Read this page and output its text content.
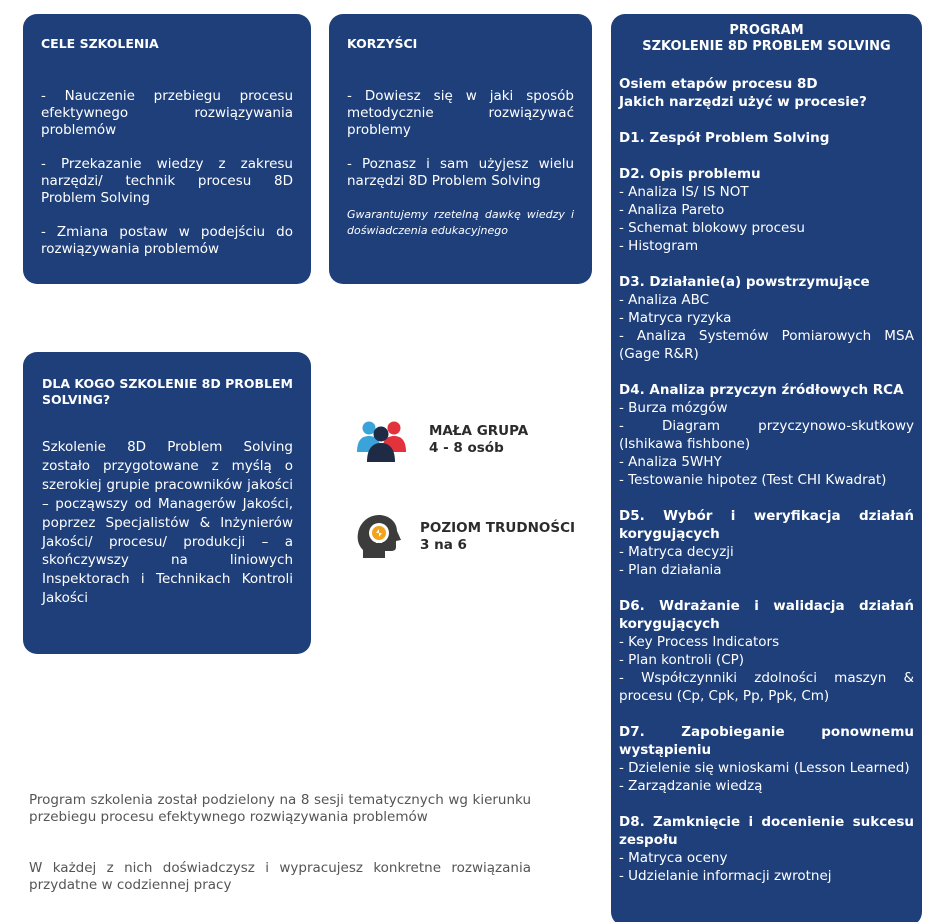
CELE SZKOLENIA

- Nauczenie przebiegu procesu efektywnego rozwiązywania problemów

- Przekazanie wiedzy z zakresu narzędzi/ technik procesu 8D Problem Solving

- Zmiana postaw w podejściu do rozwiązywania problemów

KORZYŚCI

- Dowiesz się w jaki sposób metodycznie rozwiązywać problemy

- Poznasz i sam użyjesz wielu narzędzi 8D Problem Solving

Gwarantujemy rzetelną dawkę wiedzy i doświadczenia edukacyjnego

DLA KOGO SZKOLENIE 8D PROBLEM SOLVING?

Szkolenie 8D Problem Solving zostało przygotowane z myślą o szerokiej grupie pracowników jakości – począwszy od Managerów Jakości, poprzez Specjalistów & Inżynierów Jakości/ procesu/ produkcji – a skończywszy na liniowych Inspektorach i Technikach Kontroli Jakości

MAŁA GRUPA
4 - 8 osób
POZIOM TRUDNOŚCI
3 na 6

Program szkolenia został podzielony na 8 sesji tematycznych wg kierunku przebiegu procesu efektywnego rozwiązywania problemów

W każdej z nich doświadczysz i wypracujesz konkretne rozwiązania przydatne w codziennej pracy

PROGRAM
SZKOLENIE 8D PROBLEM SOLVING
Osiem etapów procesu 8D
Jakich narzędzi użyć w procesie?
D1. Zespół Problem Solving
D2. Opis problemu
- Analiza IS/ IS NOT
- Analiza Pareto
- Schemat blokowy procesu
- Histogram
D3. Działanie(a) powstrzymujące
- Analiza ABC
- Matryca ryzyka
- Analiza Systemów Pomiarowych MSA (Gage R&R)
D4. Analiza przyczyn źródłowych RCA
- Burza mózgów
- Diagram przyczynowo-skutkowy (Ishikawa fishbone)
- Analiza 5WHY
- Testowanie hipotez (Test CHI Kwadrat)
D5. Wybór i weryfikacja działań korygujących
- Matryca decyzji
- Plan działania
D6. Wdrażanie i walidacja działań korygujących
- Key Process Indicators
- Plan kontroli (CP)
- Współczynniki zdolności maszyn & procesu (Cp, Cpk, Pp, Ppk, Cm)
D7. Zapobieganie ponownemu wystąpieniu
- Dzielenie się wnioskami (Lesson Learned)
- Zarządzanie wiedzą
D8. Zamknięcie i docenienie sukcesu zespołu
- Matryca oceny
- Udzielanie informacji zwrotnej
